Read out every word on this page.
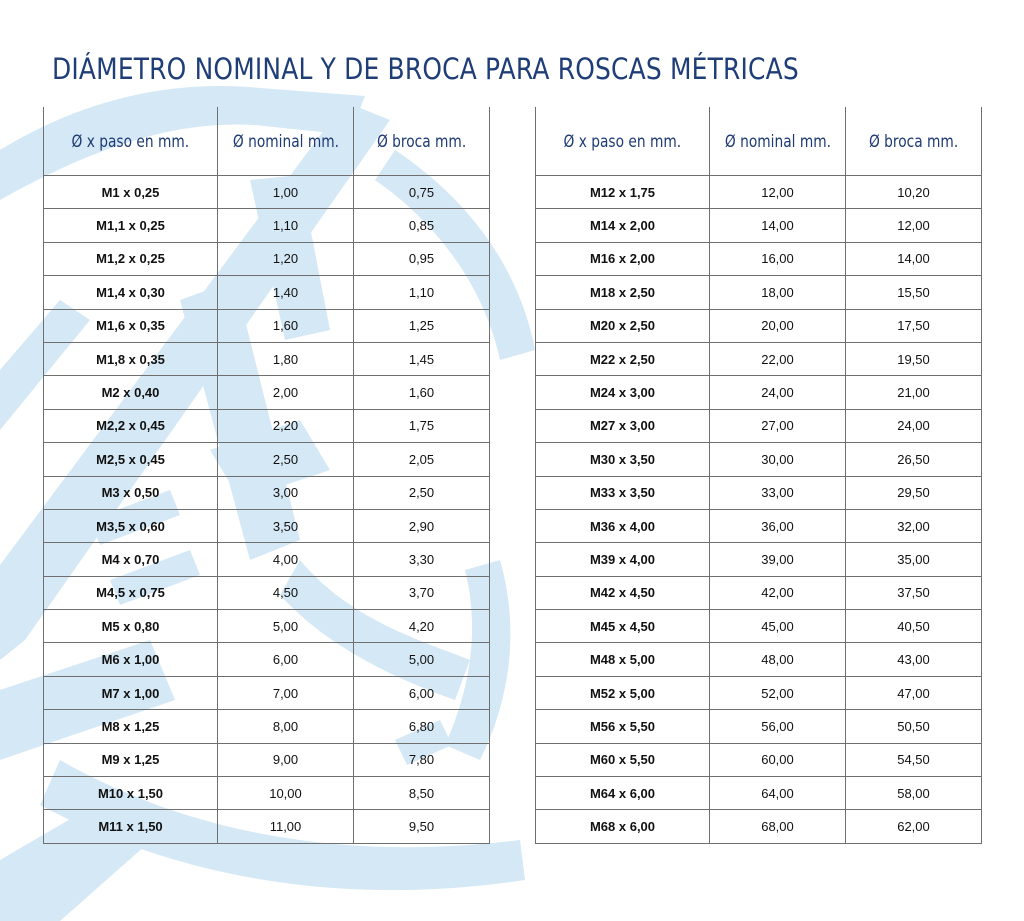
DIÁMETRO NOMINAL Y DE BROCA PARA ROSCAS MÉTRICAS
Ø x paso en mm.	Ø nominal mm.	Ø broca mm.
M1 x 0,25	1,00	0,75
M1,1 x 0,25	1,10	0,85
M1,2 x 0,25	1,20	0,95
M1,4 x 0,30	1,40	1,10
M1,6 x 0,35	1,60	1,25
M1,8 x 0,35	1,80	1,45
M2 x 0,40	2,00	1,60
M2,2 x 0,45	2,20	1,75
M2,5 x 0,45	2,50	2,05
M3 x 0,50	3,00	2,50
M3,5 x 0,60	3,50	2,90
M4 x 0,70	4,00	3,30
M4,5 x 0,75	4,50	3,70
M5 x 0,80	5,00	4,20
M6 x 1,00	6,00	5,00
M7 x 1,00	7,00	6,00
M8 x 1,25	8,00	6,80
M9 x 1,25	9,00	7,80
M10 x 1,50	10,00	8,50
M11 x 1,50	11,00	9,50
Ø x paso en mm.	Ø nominal mm.	Ø broca mm.
M12 x 1,75	12,00	10,20
M14 x 2,00	14,00	12,00
M16 x 2,00	16,00	14,00
M18 x 2,50	18,00	15,50
M20 x 2,50	20,00	17,50
M22 x 2,50	22,00	19,50
M24 x 3,00	24,00	21,00
M27 x 3,00	27,00	24,00
M30 x 3,50	30,00	26,50
M33 x 3,50	33,00	29,50
M36 x 4,00	36,00	32,00
M39 x 4,00	39,00	35,00
M42 x 4,50	42,00	37,50
M45 x 4,50	45,00	40,50
M48 x 5,00	48,00	43,00
M52 x 5,00	52,00	47,00
M56 x 5,50	56,00	50,50
M60 x 5,50	60,00	54,50
M64 x 6,00	64,00	58,00
M68 x 6,00	68,00	62,00
